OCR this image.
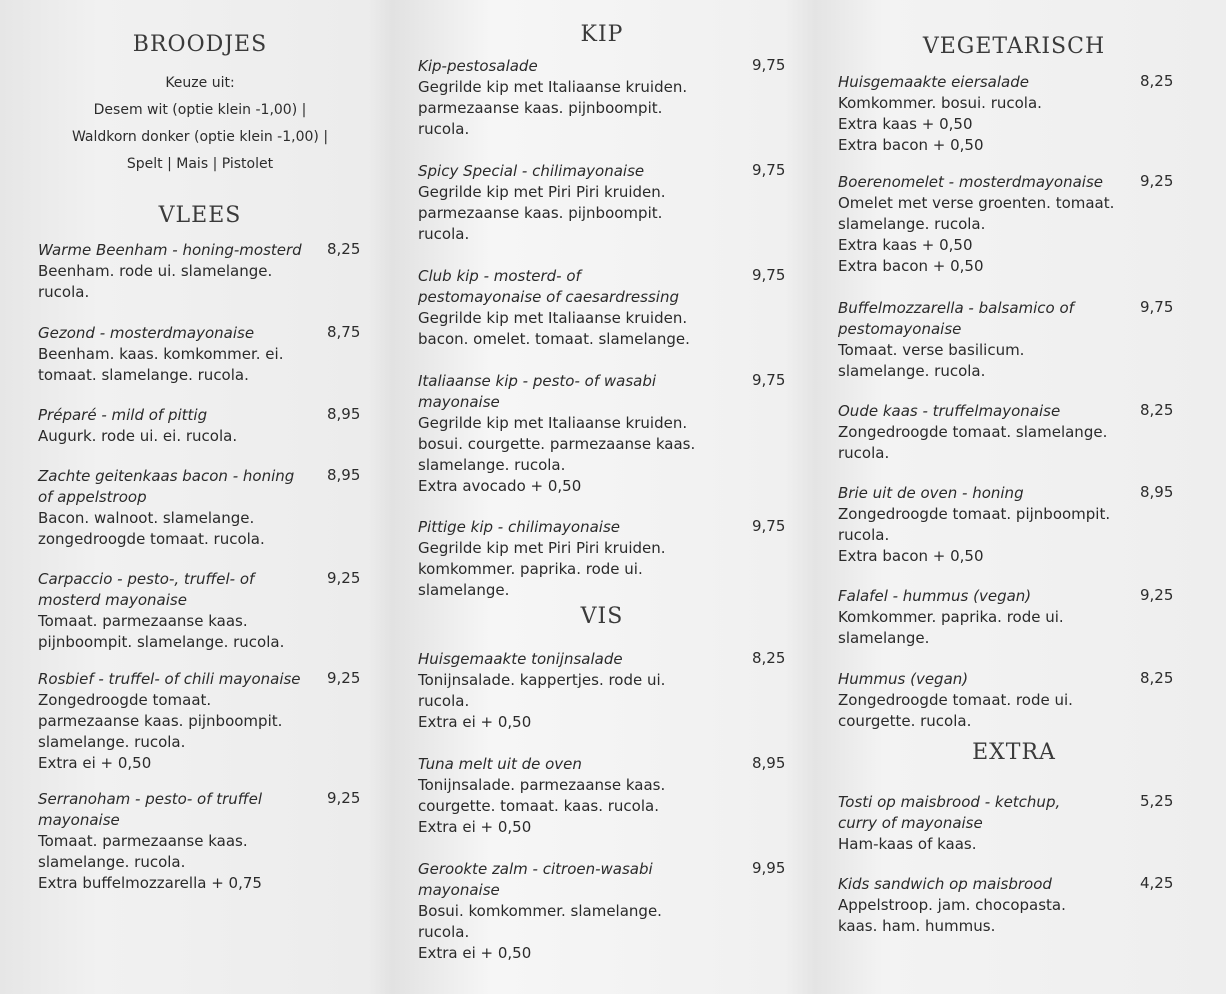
BROODJES
Keuze uit:
Desem wit (optie klein -1,00) |
Waldkorn donker (optie klein -1,00) |
Spelt | Mais | Pistolet
VLEES
Warme Beenham - honing-mosterd
Beenham. rode ui. slamelange.
rucola.
8,25
Gezond - mosterdmayonaise
Beenham. kaas. komkommer. ei.
tomaat. slamelange. rucola.
8,75
Préparé - mild of pittig
Augurk. rode ui. ei. rucola.
8,95
Zachte geitenkaas bacon - honing
of appelstroop
Bacon. walnoot. slamelange.
zongedroogde tomaat. rucola.
8,95
Carpaccio - pesto-, truffel- of
mosterd mayonaise
Tomaat. parmezaanse kaas.
pijnboompit. slamelange. rucola.
9,25
Rosbief - truffel- of chili mayonaise
Zongedroogde tomaat.
parmezaanse kaas. pijnboompit.
slamelange. rucola.
Extra ei + 0,50
9,25
Serranoham - pesto- of truffel
mayonaise
Tomaat. parmezaanse kaas.
slamelange. rucola.
Extra buffelmozzarella + 0,75
9,25
KIP
Kip-pestosalade
Gegrilde kip met Italiaanse kruiden.
parmezaanse kaas. pijnboompit.
rucola.
9,75
Spicy Special - chilimayonaise
Gegrilde kip met Piri Piri kruiden.
parmezaanse kaas. pijnboompit.
rucola.
9,75
Club kip - mosterd- of
pestomayonaise of caesardressing
Gegrilde kip met Italiaanse kruiden.
bacon. omelet. tomaat. slamelange.
9,75
Italiaanse kip - pesto- of wasabi
mayonaise
Gegrilde kip met Italiaanse kruiden.
bosui. courgette. parmezaanse kaas.
slamelange. rucola.
Extra avocado + 0,50
9,75
Pittige kip - chilimayonaise
Gegrilde kip met Piri Piri kruiden.
komkommer. paprika. rode ui.
slamelange.
9,75
VIS
Huisgemaakte tonijnsalade
Tonijnsalade. kappertjes. rode ui.
rucola.
Extra ei + 0,50
8,25
Tuna melt uit de oven
Tonijnsalade. parmezaanse kaas.
courgette. tomaat. kaas. rucola.
Extra ei + 0,50
8,95
Gerookte zalm - citroen-wasabi
mayonaise
Bosui. komkommer. slamelange.
rucola.
Extra ei + 0,50
9,95
VEGETARISCH
Huisgemaakte eiersalade
Komkommer. bosui. rucola.
Extra kaas + 0,50
Extra bacon + 0,50
8,25
Boerenomelet - mosterdmayonaise
Omelet met verse groenten. tomaat.
slamelange. rucola.
Extra kaas + 0,50
Extra bacon + 0,50
9,25
Buffelmozzarella - balsamico of
pestomayonaise
Tomaat. verse basilicum.
slamelange. rucola.
9,75
Oude kaas - truffelmayonaise
Zongedroogde tomaat. slamelange.
rucola.
8,25
Brie uit de oven - honing
Zongedroogde tomaat. pijnboompit.
rucola.
Extra bacon + 0,50
8,95
Falafel - hummus (vegan)
Komkommer. paprika. rode ui.
slamelange.
9,25
Hummus (vegan)
Zongedroogde tomaat. rode ui.
courgette. rucola.
8,25
EXTRA
Tosti op maisbrood - ketchup,
curry of mayonaise
Ham-kaas of kaas.
5,25
Kids sandwich op maisbrood
Appelstroop. jam. chocopasta.
kaas. ham. hummus.
4,25
